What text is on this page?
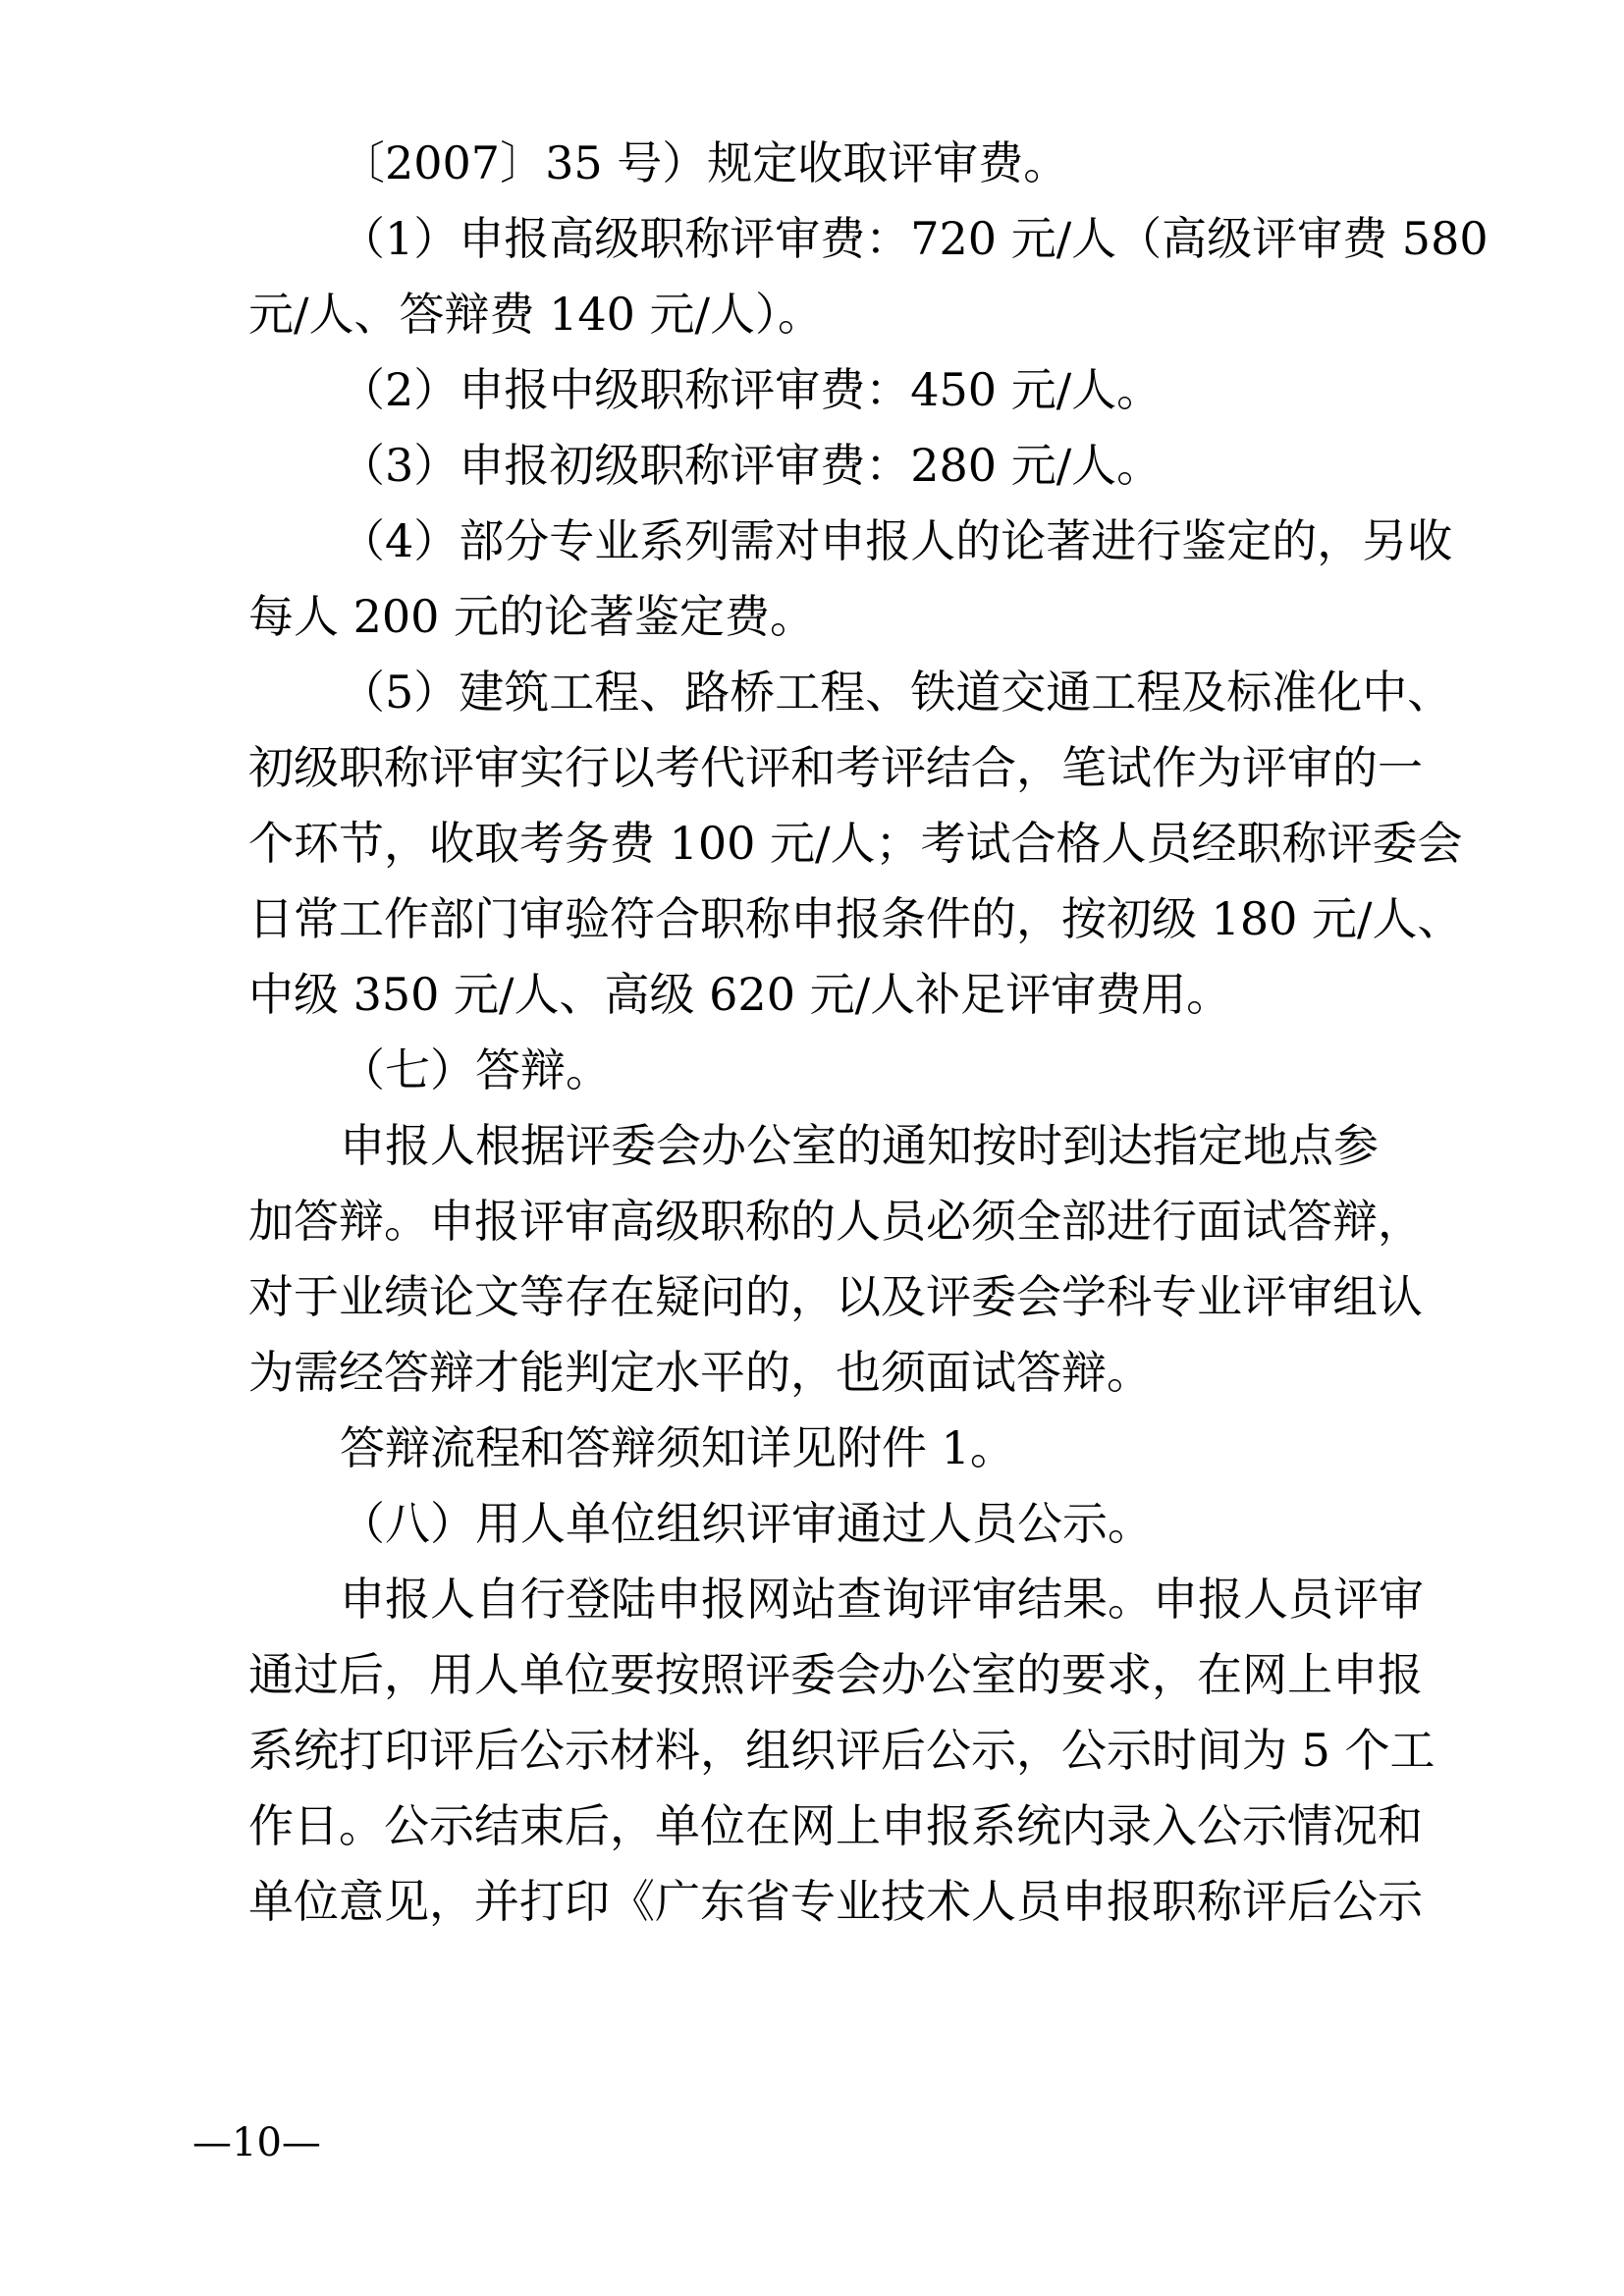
〔2007〕35 号）规定收取评审费。
（1）申报高级职称评审费：720 元/人（高级评审费 580
元/人、答辩费 140 元/人）。
（2）申报中级职称评审费：450 元/人。
（3）申报初级职称评审费：280 元/人。
（4）部分专业系列需对申报人的论著进行鉴定的，另收
每人 200 元的论著鉴定费。
（5）建筑工程、路桥工程、铁道交通工程及标准化中、
初级职称评审实行以考代评和考评结合，笔试作为评审的一
个环节，收取考务费 100 元/人；考试合格人员经职称评委会
日常工作部门审验符合职称申报条件的，按初级 180 元/人、
中级 350 元/人、高级 620 元/人补足评审费用。
（七）答辩。
申报人根据评委会办公室的通知按时到达指定地点参
加答辩。申报评审高级职称的人员必须全部进行面试答辩，
对于业绩论文等存在疑问的，以及评委会学科专业评审组认
为需经答辩才能判定水平的，也须面试答辩。
答辩流程和答辩须知详见附件 1。
（八）用人单位组织评审通过人员公示。
申报人自行登陆申报网站查询评审结果。申报人员评审
通过后，用人单位要按照评委会办公室的要求，在网上申报
系统打印评后公示材料，组织评后公示，公示时间为 5 个工
作日。公示结束后，单位在网上申报系统内录入公示情况和
单位意见，并打印《广东省专业技术人员申报职称评后公示
—10—
